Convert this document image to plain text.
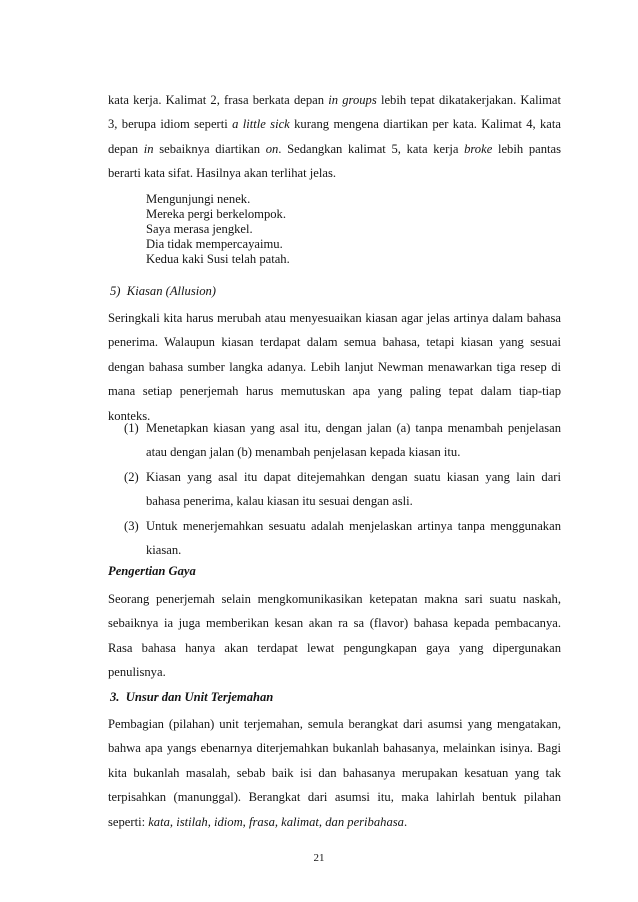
kata kerja. Kalimat 2, frasa berkata depan in groups lebih tepat dikatakerjakan. Kalimat 3, berupa idiom seperti a little sick kurang mengena diartikan per kata. Kalimat 4, kata depan in sebaiknya diartikan on. Sedangkan kalimat 5, kata kerja broke lebih pantas berarti kata sifat. Hasilnya akan terlihat jelas.

Mengunjungi nenek.
Mereka pergi berkelompok.
Saya merasa jengkel.
Dia tidak mempercayaimu.
Kedua kaki Susi telah patah.
5) Kiasan (Allusion)

Seringkali kita harus merubah atau menyesuaikan kiasan agar jelas artinya dalam bahasa penerima. Walaupun kiasan terdapat dalam semua bahasa, tetapi kiasan yang sesuai dengan bahasa sumber langka adanya. Lebih lanjut Newman menawarkan tiga resep di mana setiap penerjemah harus memutuskan apa yang paling tepat dalam tiap-tiap konteks.

(1) Menetapkan kiasan yang asal itu, dengan jalan (a) tanpa menambah penjelasan atau dengan jalan (b) menambah penjelasan kepada kiasan itu.
(2) Kiasan yang asal itu dapat ditejemahkan dengan suatu kiasan yang lain dari bahasa penerima, kalau kiasan itu sesuai dengan asli.
(3) Untuk menerjemahkan sesuatu adalah menjelaskan artinya tanpa menggunakan kiasan.
Pengertian Gaya

Seorang penerjemah selain mengkomunikasikan ketepatan makna sari suatu naskah, sebaiknya ia juga memberikan kesan akan ra sa (flavor) bahasa kepada pembacanya. Rasa bahasa hanya akan terdapat lewat pengungkapan gaya yang dipergunakan penulisnya.

3. Unsur dan Unit Terjemahan

Pembagian (pilahan) unit terjemahan, semula berangkat dari asumsi yang mengatakan, bahwa apa yangs ebenarnya diterjemahkan bukanlah bahasanya, melainkan isinya. Bagi kita bukanlah masalah, sebab baik isi dan bahasanya merupakan kesatuan yang tak terpisahkan (manunggal). Berangkat dari asumsi itu, maka lahirlah bentuk pilahan seperti: kata, istilah, idiom, frasa, kalimat, dan peribahasa.

21
